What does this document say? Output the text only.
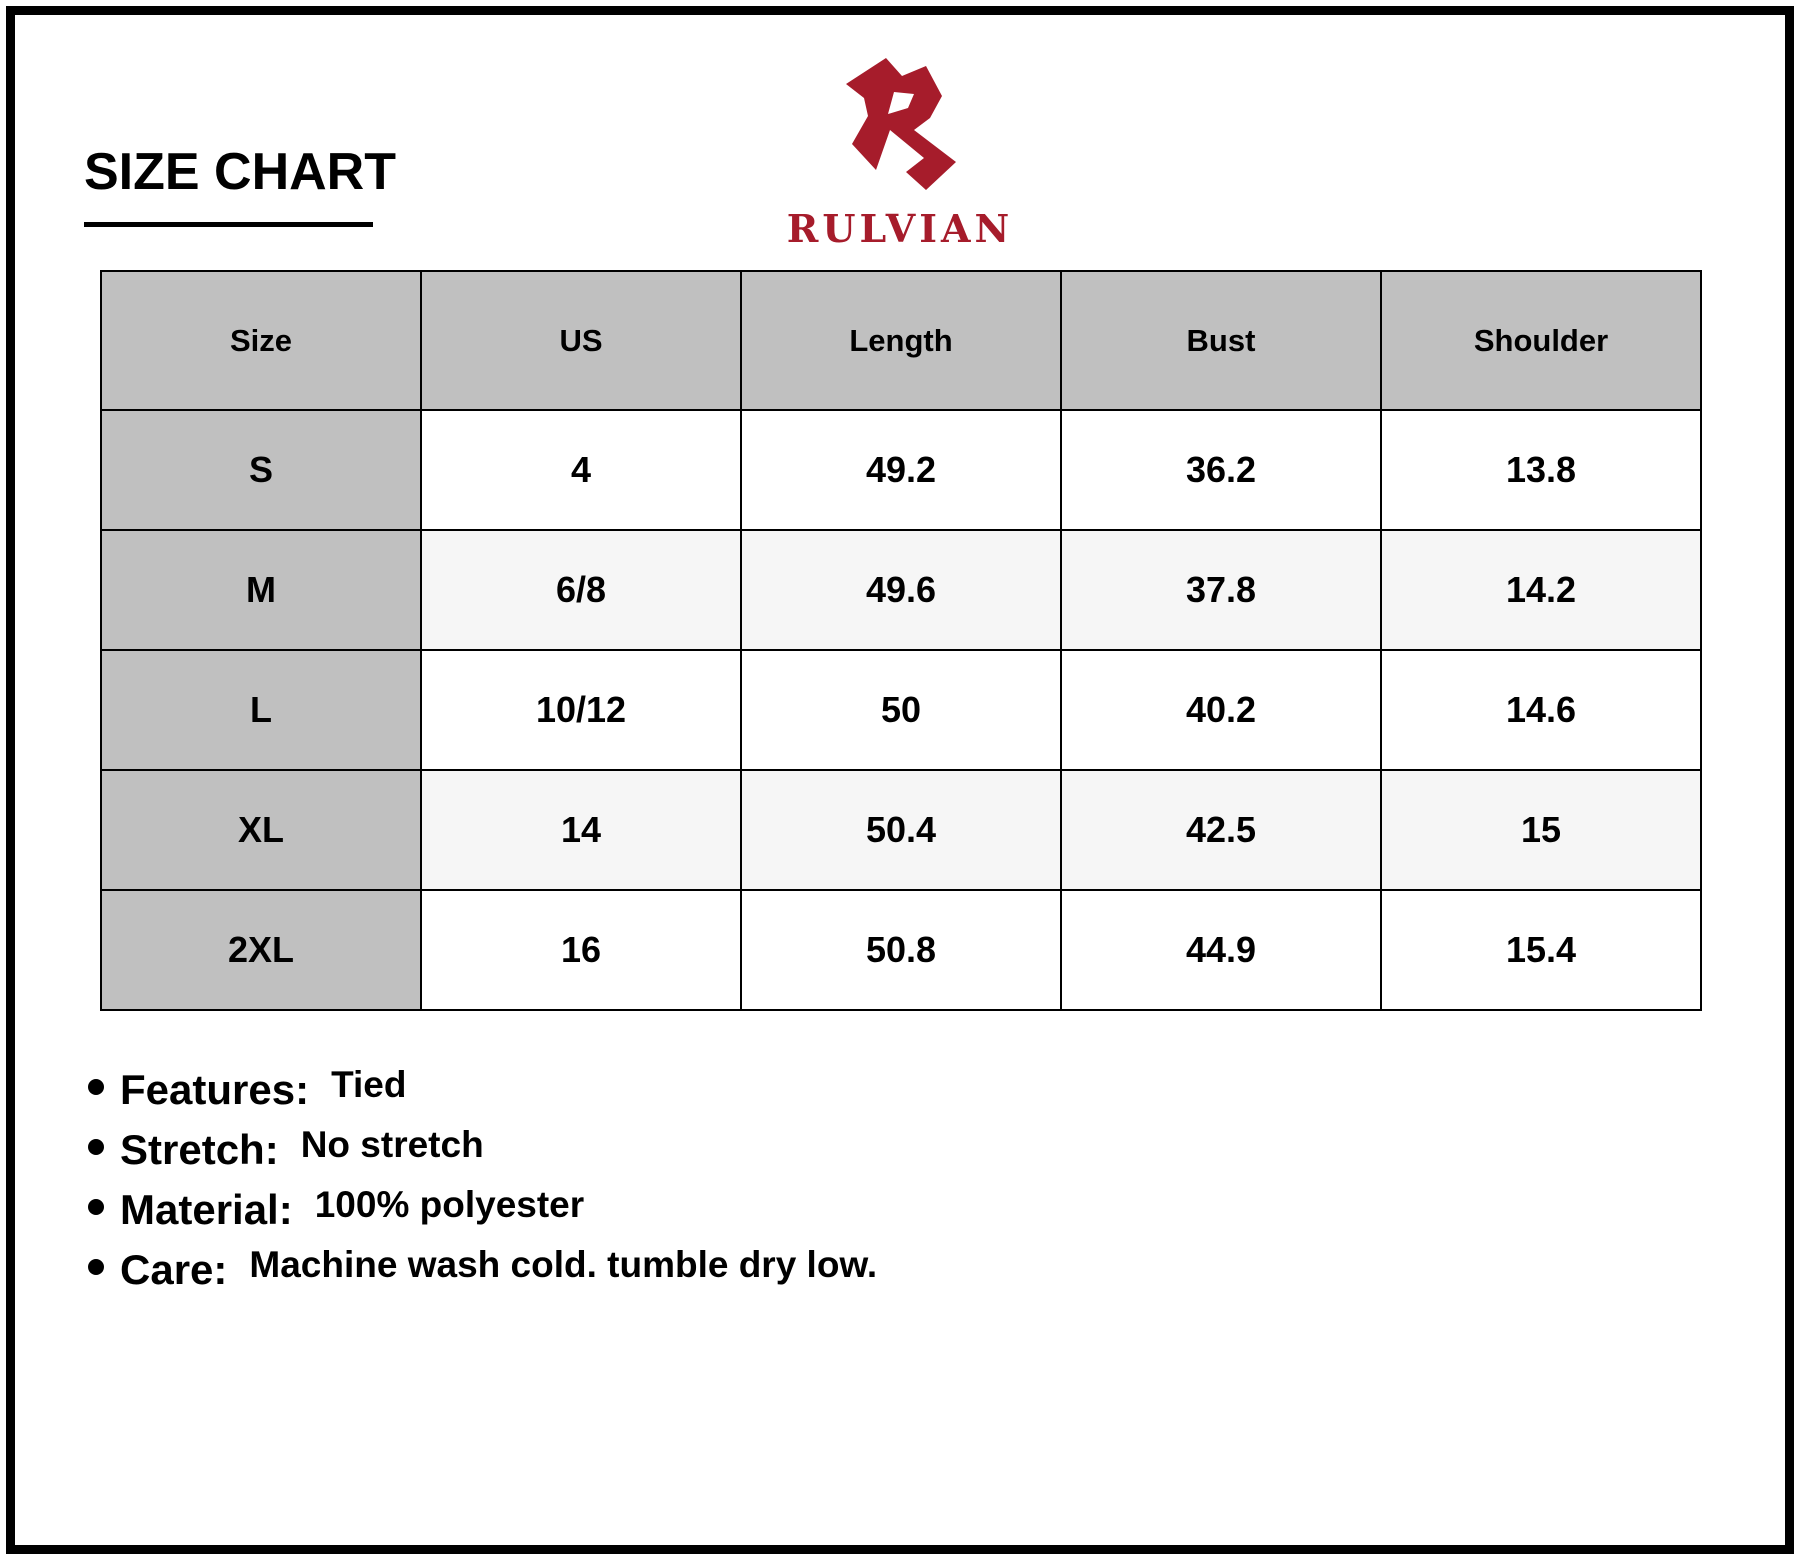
SIZE CHART
RULVIAN
Size	US	Length	Bust	Shoulder
S	4	49.2	36.2	13.8
M	6/8	49.6	37.8	14.2
L	10/12	50	40.2	14.6
XL	14	50.4	42.5	15
2XL	16	50.8	44.9	15.4
Features: Tied
Stretch: No stretch
Material: 100% polyester
Care: Machine wash cold. tumble dry low.
